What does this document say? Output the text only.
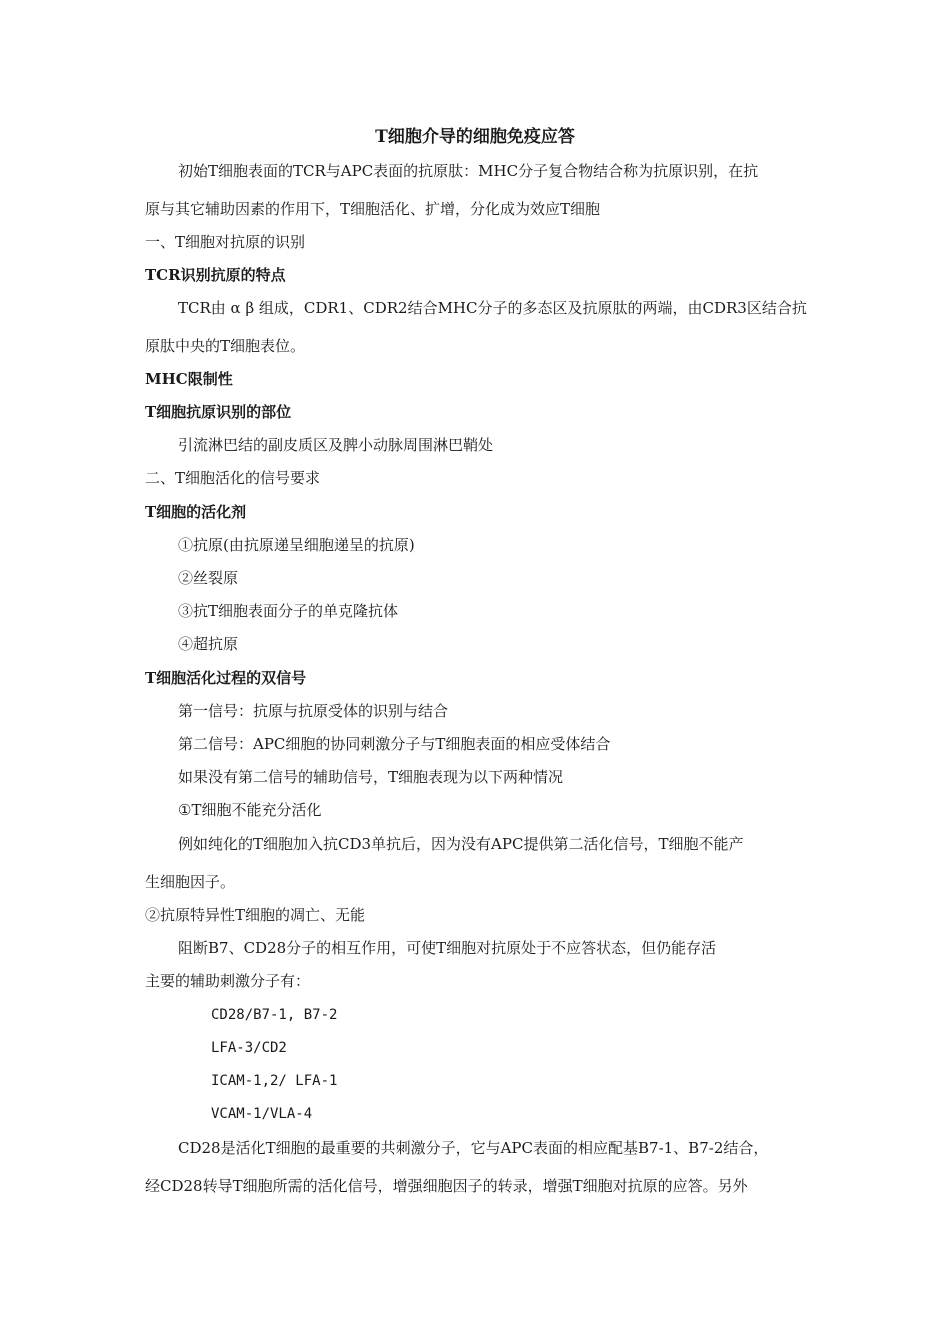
T细胞介导的细胞免疫应答
初始T细胞表面的TCR与APC表面的抗原肽：MHC分子复合物结合称为抗原识别，在抗
原与其它辅助因素的作用下，T细胞活化、扩增，分化成为效应T细胞
一、T细胞对抗原的识别
TCR识别抗原的特点
TCR由 α β 组成，CDR1、CDR2结合MHC分子的多态区及抗原肽的两端，由CDR3区结合抗
原肽中央的T细胞表位。
MHC限制性
T细胞抗原识别的部位
引流淋巴结的副皮质区及脾小动脉周围淋巴鞘处
二、T细胞活化的信号要求
T细胞的活化剂
①抗原(由抗原递呈细胞递呈的抗原)
②丝裂原
③抗T细胞表面分子的单克隆抗体
④超抗原
T细胞活化过程的双信号
第一信号：抗原与抗原受体的识别与结合
第二信号：APC细胞的协同刺激分子与T细胞表面的相应受体结合
如果没有第二信号的辅助信号，T细胞表现为以下两种情况
①T细胞不能充分活化
例如纯化的T细胞加入抗CD3单抗后，因为没有APC提供第二活化信号，T细胞不能产
生细胞因子。
②抗原特异性T细胞的凋亡、无能
阻断B7、CD28分子的相互作用，可使T细胞对抗原处于不应答状态，但仍能存活
主要的辅助刺激分子有：
CD28/B7-1, B7-2
LFA-3/CD2
ICAM-1,2/ LFA-1
VCAM-1/VLA-4
CD28是活化T细胞的最重要的共刺激分子，它与APC表面的相应配基B7-1、B7-2结合，
经CD28转导T细胞所需的活化信号，增强细胞因子的转录，增强T细胞对抗原的应答。另外
